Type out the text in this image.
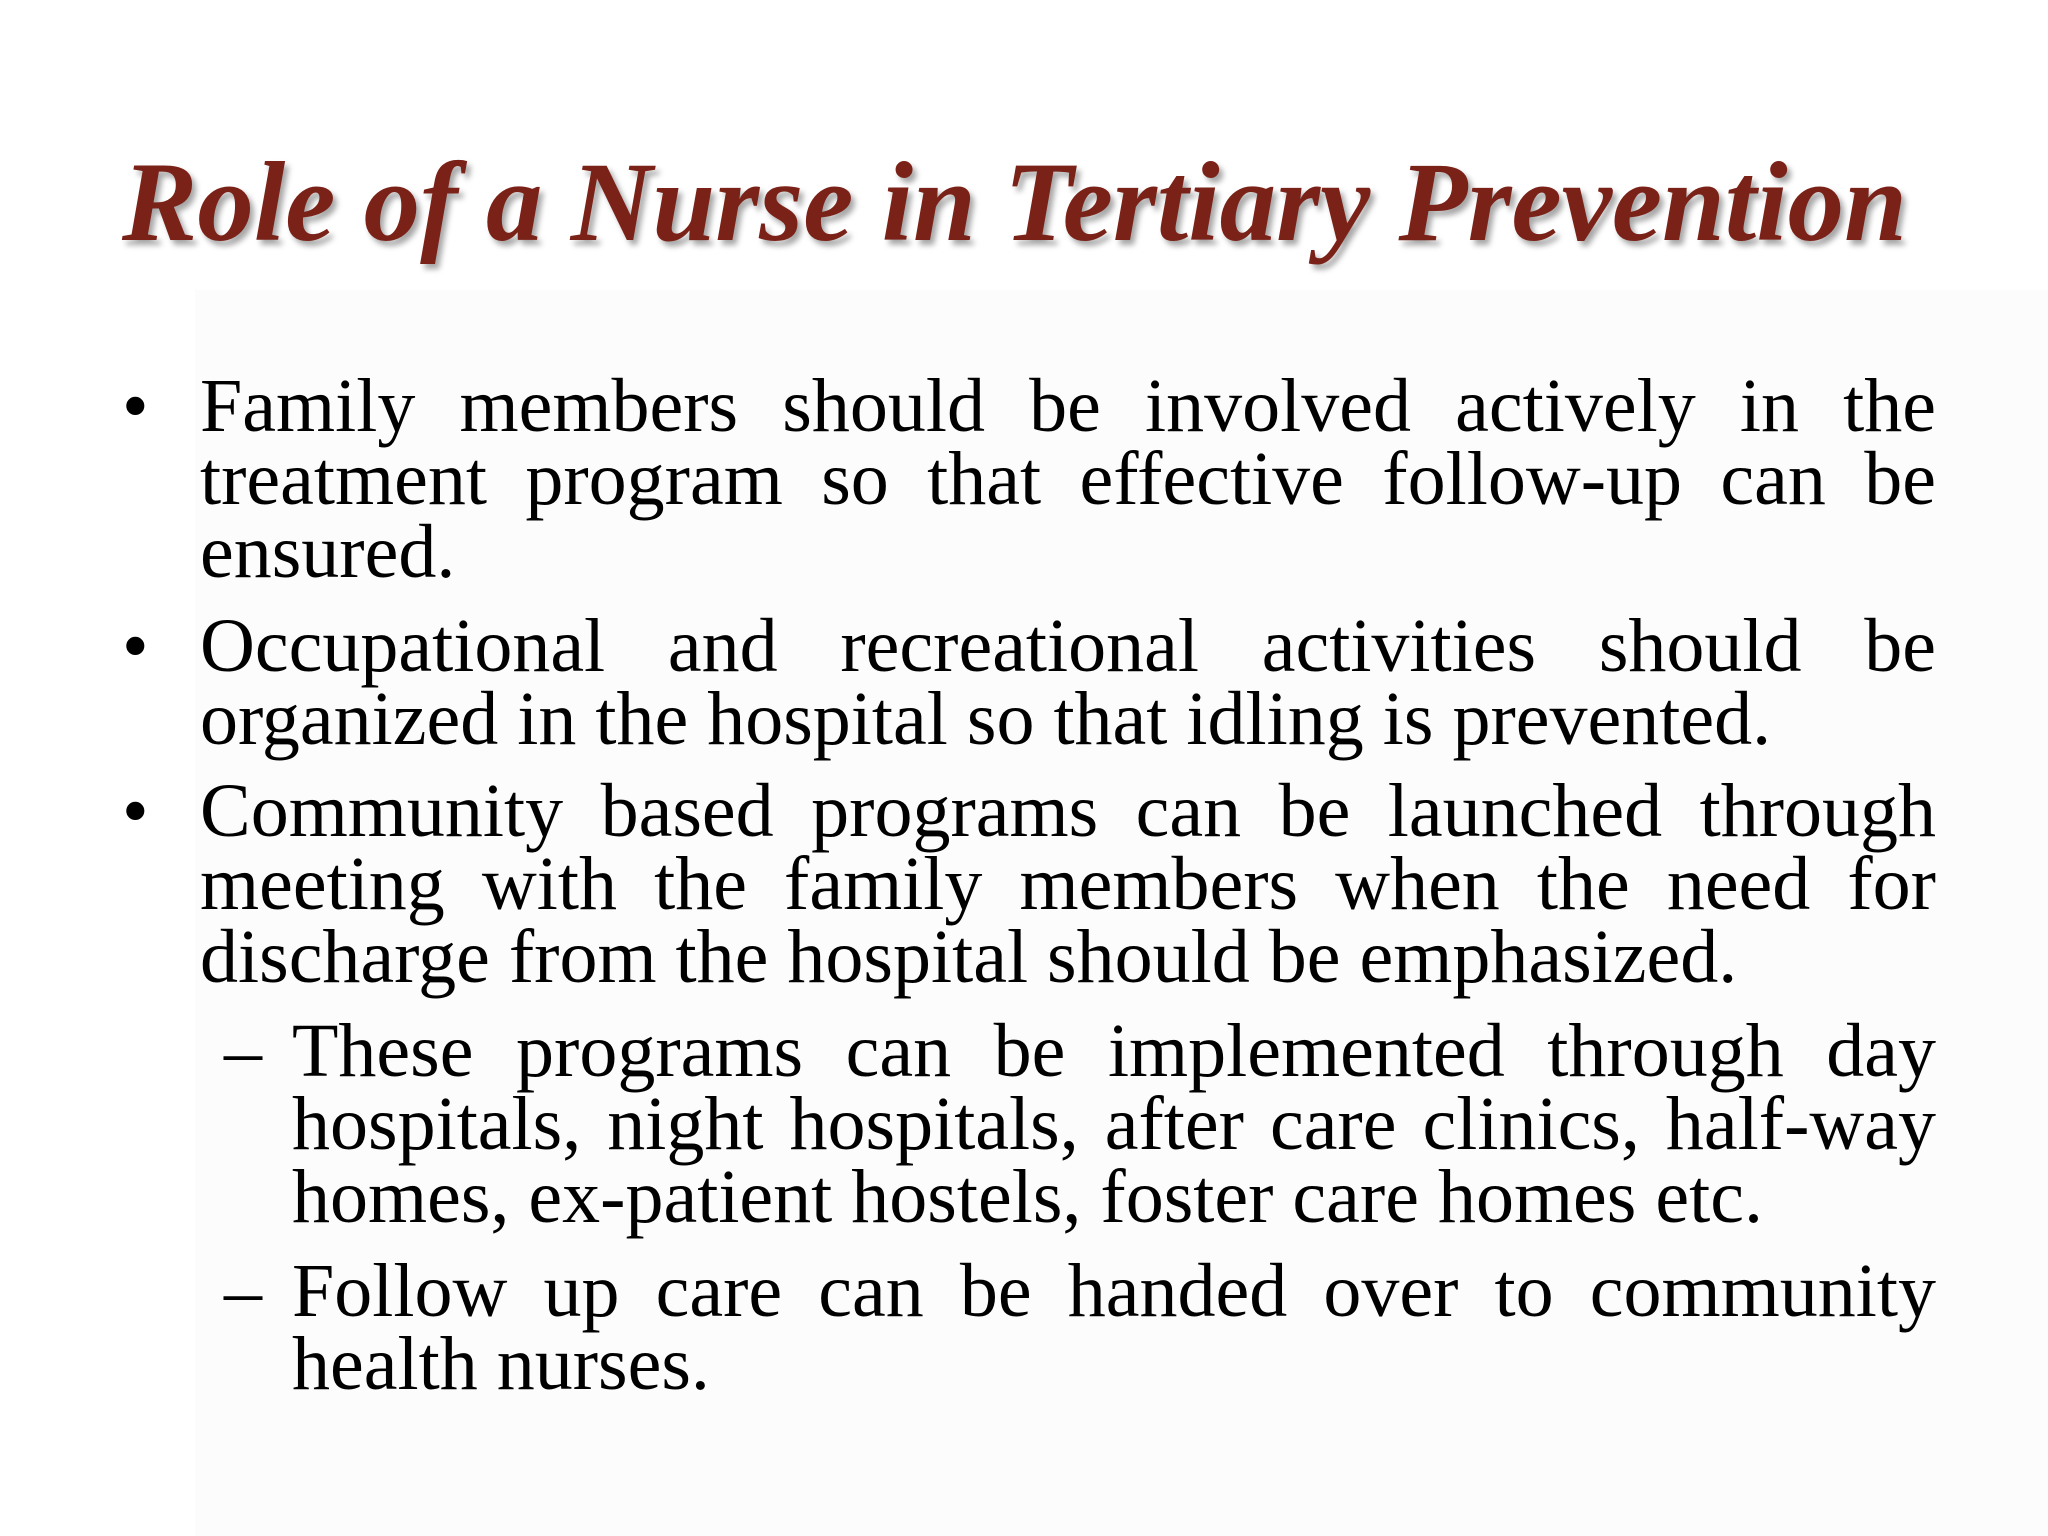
Role of a Nurse in Tertiary Prevention
• Family members should be involved actively in the treatment program so that effective follow-up can be ensured.

• Occupational and recreational activities should be organized in the hospital so that idling is prevented.

• Community based programs can be launched through meeting with the family members when the need for discharge from the hospital should be emphasized.

– These programs can be implemented through day hospitals, night hospitals, after care clinics, half-way homes, ex-patient hostels, foster care homes etc.

– Follow up care can be handed over to community health nurses.
